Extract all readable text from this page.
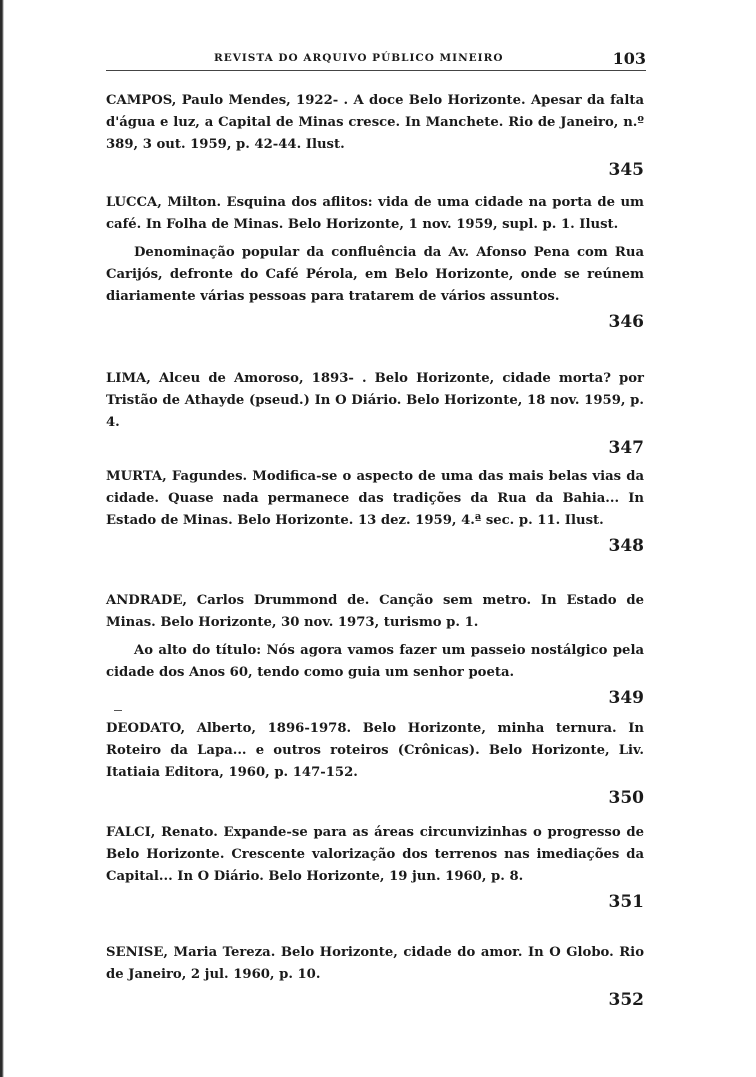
REVISTA DO ARQUIVO PÚBLICO MINEIRO	103

CAMPOS, Paulo Mendes, 1922- . A doce Belo Horizonte. Apesar da falta d'água e luz, a Capital de Minas cresce. In Manchete. Rio de Janeiro, n.º 389, 3 out. 1959, p. 42-44. Ilust.

345

LUCCA, Milton. Esquina dos aflitos: vida de uma cidade na porta de um café. In Folha de Minas. Belo Horizonte, 1 nov. 1959, supl. p. 1. Ilust.

Denominação popular da confluência da Av. Afonso Pena com Rua Carijós, defronte do Café Pérola, em Belo Horizonte, onde se reúnem diariamente várias pessoas para tratarem de vários assuntos.

346

LIMA, Alceu de Amoroso, 1893- . Belo Horizonte, cidade morta? por Tristão de Athayde (pseud.) In O Diário. Belo Horizonte, 18 nov. 1959, p. 4.

347

MURTA, Fagundes. Modifica-se o aspecto de uma das mais belas vias da cidade. Quase nada permanece das tradições da Rua da Bahia... In Estado de Minas. Belo Horizonte. 13 dez. 1959, 4.ª sec. p. 11. Ilust.

348

ANDRADE, Carlos Drummond de. Canção sem metro. In Estado de Minas. Belo Horizonte, 30 nov. 1973, turismo p. 1.

Ao alto do título: Nós agora vamos fazer um passeio nostálgico pela cidade dos Anos 60, tendo como guia um senhor poeta.

349

DEODATO, Alberto, 1896-1978. Belo Horizonte, minha ternura. In Roteiro da Lapa... e outros roteiros (Crônicas). Belo Horizonte, Liv. Itatiaia Editora, 1960, p. 147-152.

350

FALCI, Renato. Expande-se para as áreas circunvizinhas o progresso de Belo Horizonte. Crescente valorização dos terrenos nas imediações da Capital... In O Diário. Belo Horizonte, 19 jun. 1960, p. 8.

351

SENISE, Maria Tereza. Belo Horizonte, cidade do amor. In O Globo. Rio de Janeiro, 2 jul. 1960, p. 10.

352
